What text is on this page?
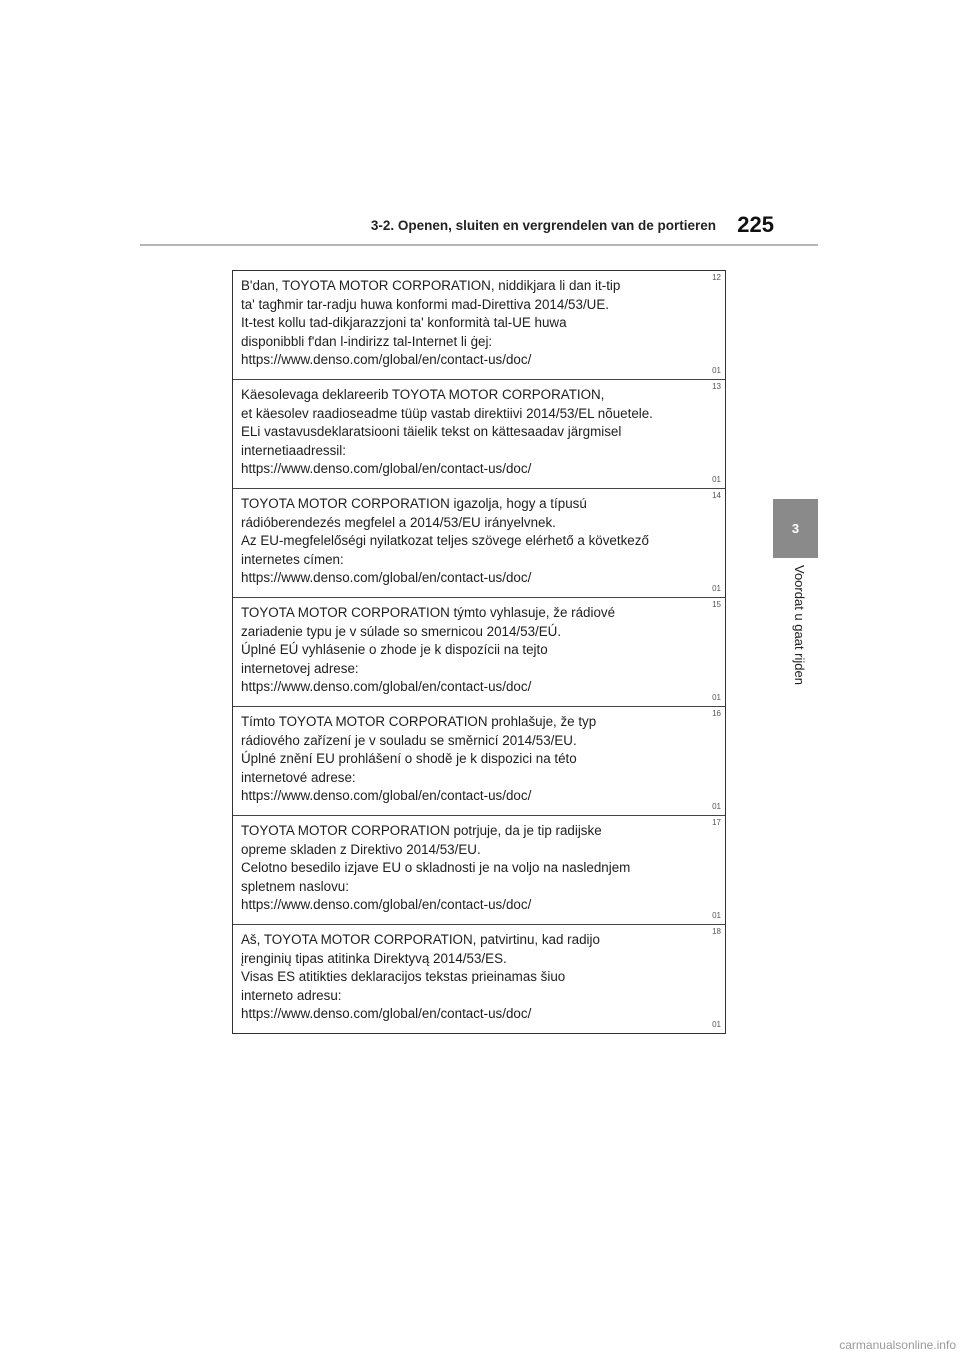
3-2. Openen, sluiten en vergrendelen van de portieren 225
3
Voordat u gaat rijden
12
B'dan, TOYOTA MOTOR CORPORATION, niddikjara li dan it-tip
ta' tagħmir tar-radju huwa konformi mad-Direttiva 2014/53/UE.
It-test kollu tad-dikjarazzjoni ta' konformità tal-UE huwa
disponibbli f'dan l-indirizz tal-Internet li ġej:
https://www.denso.com/global/en/contact-us/doc/
01
13
Käesolevaga deklareerib TOYOTA MOTOR CORPORATION,
et käesolev raadioseadme tüüp vastab direktiivi 2014/53/EL nõuetele.
ELi vastavusdeklaratsiooni täielik tekst on kättesaadav järgmisel
internetiaadressil:
https://www.denso.com/global/en/contact-us/doc/
01
14
TOYOTA MOTOR CORPORATION igazolja, hogy a típusú
rádióberendezés megfelel a 2014/53/EU irányelvnek.
Az EU-megfelelőségi nyilatkozat teljes szövege elérhető a következő
internetes címen:
https://www.denso.com/global/en/contact-us/doc/
01
15
TOYOTA MOTOR CORPORATION týmto vyhlasuje, že rádiové
zariadenie typu je v súlade so smernicou 2014/53/EÚ.
Úplné EÚ vyhlásenie o zhode je k dispozícii na tejto
internetovej adrese:
https://www.denso.com/global/en/contact-us/doc/
01
16
Tímto TOYOTA MOTOR CORPORATION prohlašuje, že typ
rádiového zařízení je v souladu se směrnicí 2014/53/EU.
Úplné znění EU prohlášení o shodě je k dispozici na této
internetové adrese:
https://www.denso.com/global/en/contact-us/doc/
01
17
TOYOTA MOTOR CORPORATION potrjuje, da je tip radijske
opreme skladen z Direktivo 2014/53/EU.
Celotno besedilo izjave EU o skladnosti je na voljo na naslednjem
spletnem naslovu:
https://www.denso.com/global/en/contact-us/doc/
01
18
Aš, TOYOTA MOTOR CORPORATION, patvirtinu, kad radijo
įrenginių tipas atitinka Direktyvą 2014/53/ES.
Visas ES atitikties deklaracijos tekstas prieinamas šiuo
interneto adresu:
https://www.denso.com/global/en/contact-us/doc/
01
carmanualsonline.info
